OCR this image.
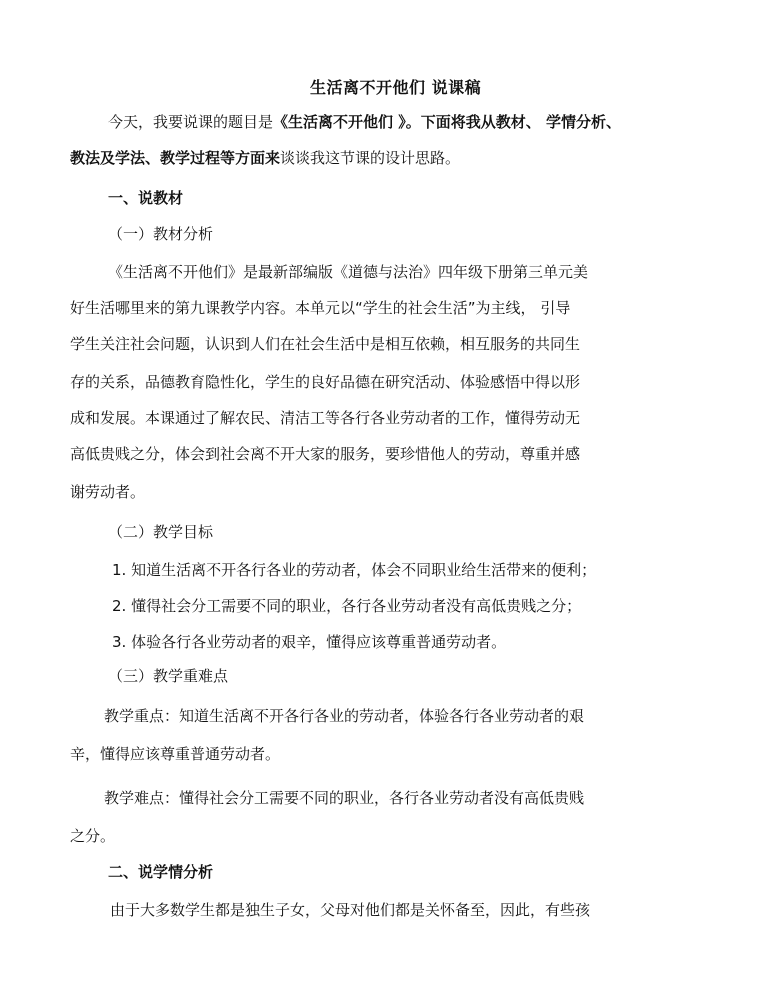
生活离不开他们 说课稿
今天，我要说课的题目是《生活离不开他们 》。下面将我从教材、 学情分析、
教法及学法、教学过程等方面来谈谈我这节课的设计思路。
一、说教材
（一）教材分析
《生活离不开他们》是最新部编版《道德与法治》四年级下册第三单元美
好生活哪里来的第九课教学内容。本单元以“学生的社会生活”为主线， 引导
学生关注社会问题，认识到人们在社会生活中是相互依赖，相互服务的共同生
存的关系，品德教育隐性化，学生的良好品德在研究活动、体验感悟中得以形
成和发展。本课通过了解农民、清洁工等各行各业劳动者的工作，懂得劳动无
高低贵贱之分，体会到社会离不开大家的服务，要珍惜他人的劳动，尊重并感
谢劳动者。
（二）教学目标
1. 知道生活离不开各行各业的劳动者，体会不同职业给生活带来的便利；
2. 懂得社会分工需要不同的职业，各行各业劳动者没有高低贵贱之分；
3. 体验各行各业劳动者的艰辛，懂得应该尊重普通劳动者。
（三）教学重难点
教学重点：知道生活离不开各行各业的劳动者，体验各行各业劳动者的艰
辛，懂得应该尊重普通劳动者。
教学难点：懂得社会分工需要不同的职业，各行各业劳动者没有高低贵贱
之分。
二、说学情分析
由于大多数学生都是独生子女，父母对他们都是关怀备至，因此，有些孩
